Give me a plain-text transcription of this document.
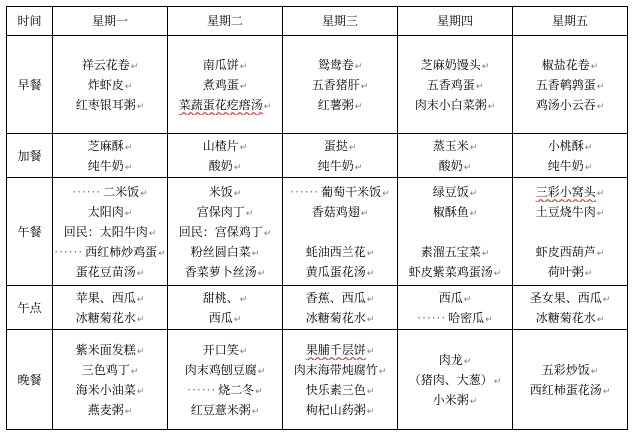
时间	星期一	星期二	星期三	星期四	星期五
早餐	祥云花卷↵
炸虾皮↵
红枣银耳粥↵	南瓜饼↵
煮鸡蛋↵
菜蔬蛋花疙瘩汤↵	鸳鸯卷↵
五香猪肝↵
红薯粥↵	芝麻奶馒头↵
五香鸡蛋↵
肉末小白菜粥↵	椒盐花卷↵
五香鹌鹑蛋↵
鸡汤小云吞↵

加餐	芝麻酥↵
纯牛奶↵	山楂片↵
酸奶↵	蛋挞↵
纯牛奶↵	蒸玉米↵
酸奶↵	小桃酥↵
纯牛奶↵

午餐	······ 二米饭↵
太阳肉↵
回民：太阳牛肉↵
······ 西红柿炒鸡蛋↵
蛋花豆苗汤↵	米饭↵
宫保肉丁↵
回民：宫保鸡丁↵
粉丝圆白菜↵
香菜萝卜丝汤↵	······ 葡萄干米饭↵
香菇鸡翅↵
蚝油西兰花↵
黄瓜蛋花汤↵	绿豆饭↵
椒酥鱼↵
素溜五宝菜↵
虾皮紫菜鸡蛋汤↵	三彩小窝头↵
土豆烧牛肉↵
虾皮西葫芦↵
荷叶粥↵

午点	苹果、西瓜↵
冰糖菊花水↵	甜桃、↵
西瓜↵	香蕉、西瓜↵
冰糖菊花水↵	西瓜↵
······ 哈密瓜↵	圣女果、西瓜↵
冰糖菊花水↵

晚餐	紫米面发糕↵
三色鸡丁↵
海米小油菜↵
燕麦粥↵	开口笑↵
肉末鸡刨豆腐↵
······ 烧二冬↵
红豆薏米粥↵	果脯千层饼↵
肉末海带炖腐竹↵
快乐素三色↵
枸杞山药粥↵	肉龙↵
（猪肉、大葱）↵
小米粥↵	五彩炒饭↵
西红柿蛋花汤↵
